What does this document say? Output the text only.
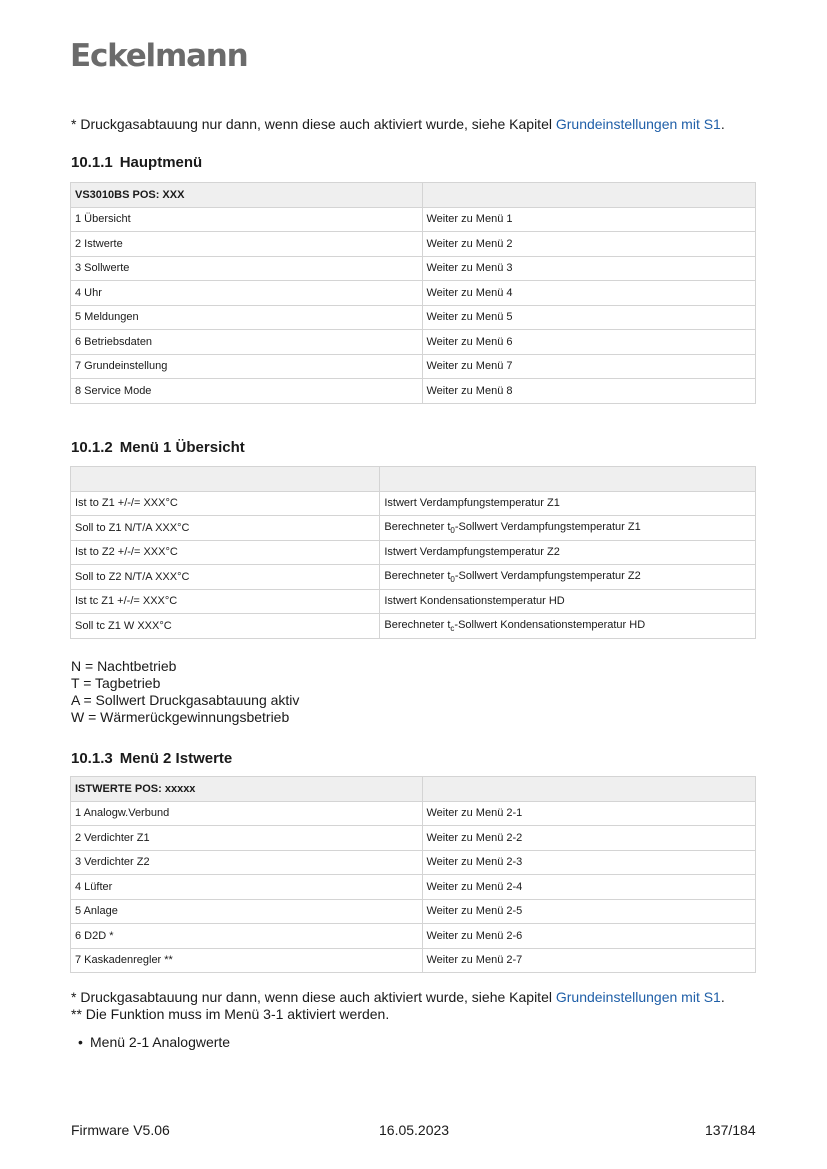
Eckelmann
* Druckgasabtauung nur dann, wenn diese auch aktiviert wurde, siehe Kapitel Grundeinstellungen mit S1.
10.1.1 Hauptmenü
VS3010BS POS: XXX	
1 Übersicht	Weiter zu Menü 1
2 Istwerte	Weiter zu Menü 2
3 Sollwerte	Weiter zu Menü 3
4 Uhr	Weiter zu Menü 4
5 Meldungen	Weiter zu Menü 5
6 Betriebsdaten	Weiter zu Menü 6
7 Grundeinstellung	Weiter zu Menü 7
8 Service Mode	Weiter zu Menü 8
10.1.2 Menü 1 Übersicht

Ist to Z1 +/-/= XXX°C	Istwert Verdampfungstemperatur Z1
Soll to Z1 N/T/A XXX°C	Berechneter $t_0$-Sollwert Verdampfungstemperatur Z1
Ist to Z2 +/-/= XXX°C	Istwert Verdampfungstemperatur Z2
Soll to Z2 N/T/A XXX°C	Berechneter $t_0$-Sollwert Verdampfungstemperatur Z2
Ist tc Z1 +/-/= XXX°C	Istwert Kondensationstemperatur HD
Soll tc Z1 W XXX°C	Berechneter $t_c$-Sollwert Kondensationstemperatur HD
N = Nachtbetrieb
T = Tagbetrieb
A = Sollwert Druckgasabtauung aktiv
W = Wärmerückgewinnungsbetrieb
10.1.3 Menü 2 Istwerte
ISTWERTE POS: xxxxx	
1 Analogw.Verbund	Weiter zu Menü 2-1
2 Verdichter Z1	Weiter zu Menü 2-2
3 Verdichter Z2	Weiter zu Menü 2-3
4 Lüfter	Weiter zu Menü 2-4
5 Anlage	Weiter zu Menü 2-5
6 D2D *	Weiter zu Menü 2-6
7 Kaskadenregler **	Weiter zu Menü 2-7
* Druckgasabtauung nur dann, wenn diese auch aktiviert wurde, siehe Kapitel Grundeinstellungen mit S1.
** Die Funktion muss im Menü 3-1 aktiviert werden.
• Menü 2-1 Analogwerte
Firmware V5.06	16.05.2023	137/184
